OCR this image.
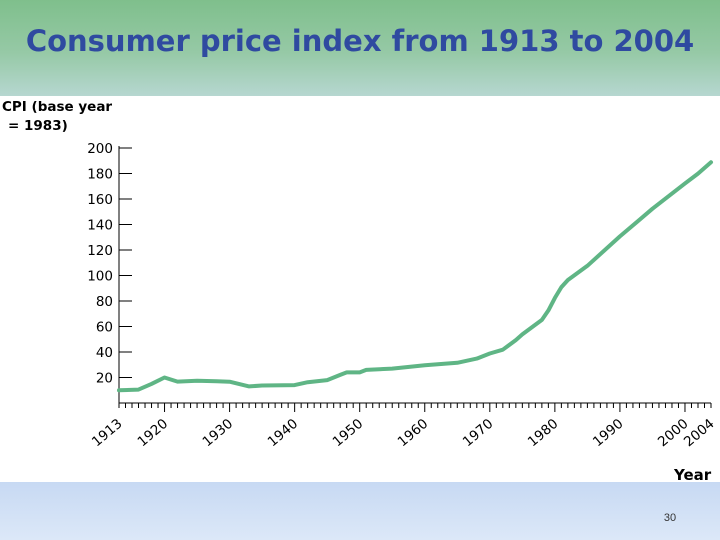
Consumer price index from 1913 to 2004
CPI (base year
= 1983)
20
40
60
80
100
120
140
160
180
200
1913 1920 1930 1940 1950 1960 1970 1980 1990 2000
2004
Year
30
